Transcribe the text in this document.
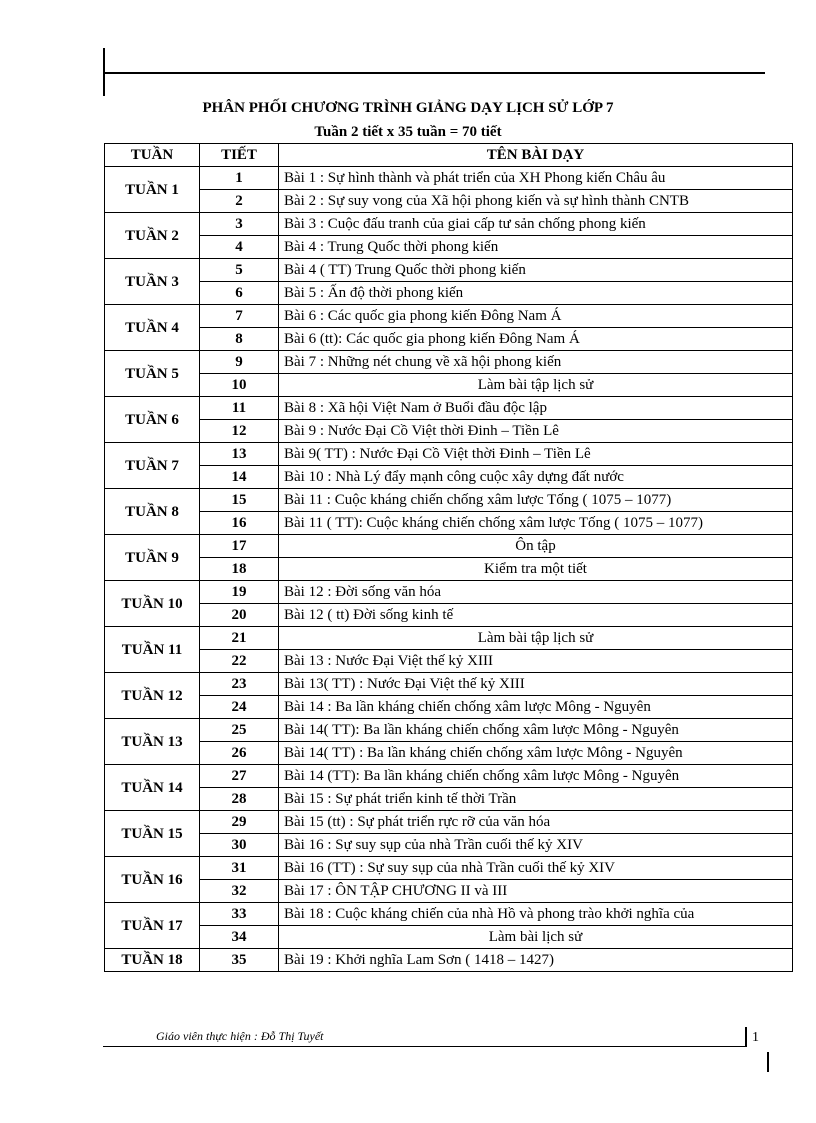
PHÂN PHỐI CHƯƠNG TRÌNH GIẢNG DẠY LỊCH SỬ LỚP 7
Tuần 2 tiết x 35 tuần = 70 tiết
TUẦN	TIẾT	TÊN BÀI DẠY
TUẦN 1	1	Bài 1 : Sự hình thành và phát triển của XH Phong kiến Châu âu
	2	Bài 2 : Sự suy vong của Xã hội phong kiến và sự hình thành CNTB
TUẦN 2	3	Bài 3 : Cuộc đấu tranh của giai cấp tư sản chống phong kiến
	4	Bài 4 : Trung Quốc thời phong kiến
TUẦN 3	5	Bài 4 ( TT) Trung Quốc thời phong kiến
	6	Bài 5 : Ấn độ thời phong kiến
TUẦN 4	7	Bài 6 : Các quốc gia phong kiến Đông Nam Á
	8	Bài 6 (tt): Các quốc gia phong kiến Đông Nam Á
TUẦN 5	9	Bài 7 : Những nét chung về xã hội phong kiến
	10	Làm bài tập lịch sử
TUẦN 6	11	Bài 8 : Xã hội Việt Nam ở Buổi đầu độc lập
	12	Bài 9 : Nước Đại Cồ Việt thời Đinh – Tiền Lê
TUẦN 7	13	Bài 9( TT) : Nước Đại Cồ Việt thời Đinh – Tiền Lê
	14	Bài 10 : Nhà Lý đẩy mạnh công cuộc xây dựng đất nước
TUẦN 8	15	Bài 11 : Cuộc kháng chiến chống xâm lược Tống ( 1075 – 1077)
	16	Bài 11 ( TT): Cuộc kháng chiến chống xâm lược Tống ( 1075 – 1077)
TUẦN 9	17	Ôn tập
	18	Kiểm tra một tiết
TUẦN 10	19	Bài 12 : Đời sống văn hóa
	20	Bài 12 ( tt) Đời sống kinh tế
TUẦN 11	21	Làm bài tập lịch sử
	22	Bài 13 : Nước Đại Việt thế kỷ XIII
TUẦN 12	23	Bài 13( TT) : Nước Đại Việt thế kỷ XIII
	24	Bài 14 : Ba lần kháng chiến chống xâm lược Mông - Nguyên
TUẦN 13	25	Bài 14( TT): Ba lần kháng chiến chống xâm lược Mông - Nguyên
	26	Bài 14( TT) : Ba lần kháng chiến chống xâm lược Mông - Nguyên
TUẦN 14	27	Bài 14 (TT): Ba lần kháng chiến chống xâm lược Mông - Nguyên
	28	Bài 15 : Sự phát triển kinh tế thời Trần
TUẦN 15	29	Bài 15 (tt) : Sự phát triển rực rỡ của văn hóa
	30	Bài 16 : Sự suy sụp của nhà Trần cuối thế kỷ XIV
TUẦN 16	31	Bài 16 (TT) : Sự suy sụp của nhà Trần cuối thế kỷ XIV
	32	Bài 17 : ÔN TẬP CHƯƠNG II và III
TUẦN 17	33	Bài 18 : Cuộc kháng chiến của nhà Hồ và phong trào khởi nghĩa của
	34	Làm bài lịch sử
TUẦN 18	35	Bài 19 : Khởi nghĩa Lam Sơn ( 1418 – 1427)
Giáo viên thực hiện : Đỗ Thị Tuyết	1
